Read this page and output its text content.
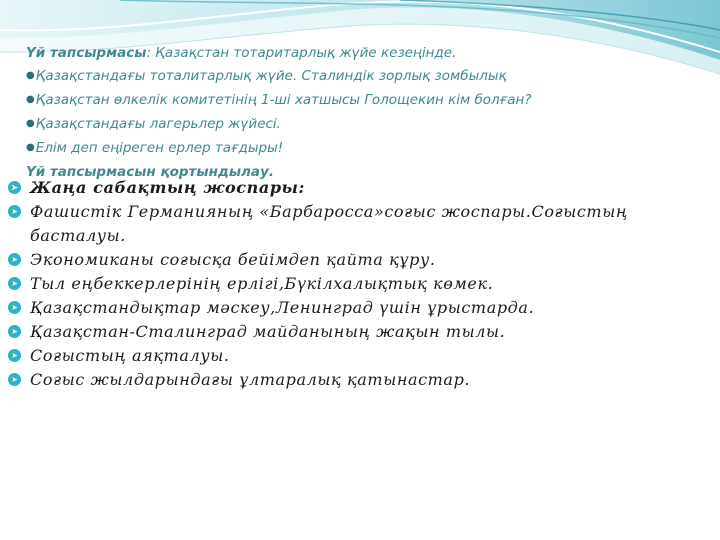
Үй тапсырмасы: Қазақстан тотаритарлық жүйе кезеңінде.
●Қазақстандағы тоталитарлық жүйе. Сталиндік зорлық зомбылық
●Қазақстан өлкелік комитетінің 1-ші хатшысы Голощекин кім болған?
●Қазақстандағы лагерьлер жүйесі.
●Елім деп еңіреген ерлер тағдыры!
Үй тапсырмасын қортындылау.
➤ Жаңа сабақтың жоспары:
➤ Фашистік Германияның «Барбаросса»соғыс жоспары.Соғыстың басталуы.
➤ Экономиканы соғысқа бейімдеп қайта құру.
➤ Тыл еңбеккерлерінің ерлігі,Бүкілхалықтық көмек.
➤ Қазақстандықтар мәскеу,Ленинград үшін ұрыстарда.
➤ Қазақстан-Сталинград майданының жақын тылы.
➤ Соғыстың аяқталуы.
➤ Соғыс жылдарындағы ұлтаралық қатынастар.
